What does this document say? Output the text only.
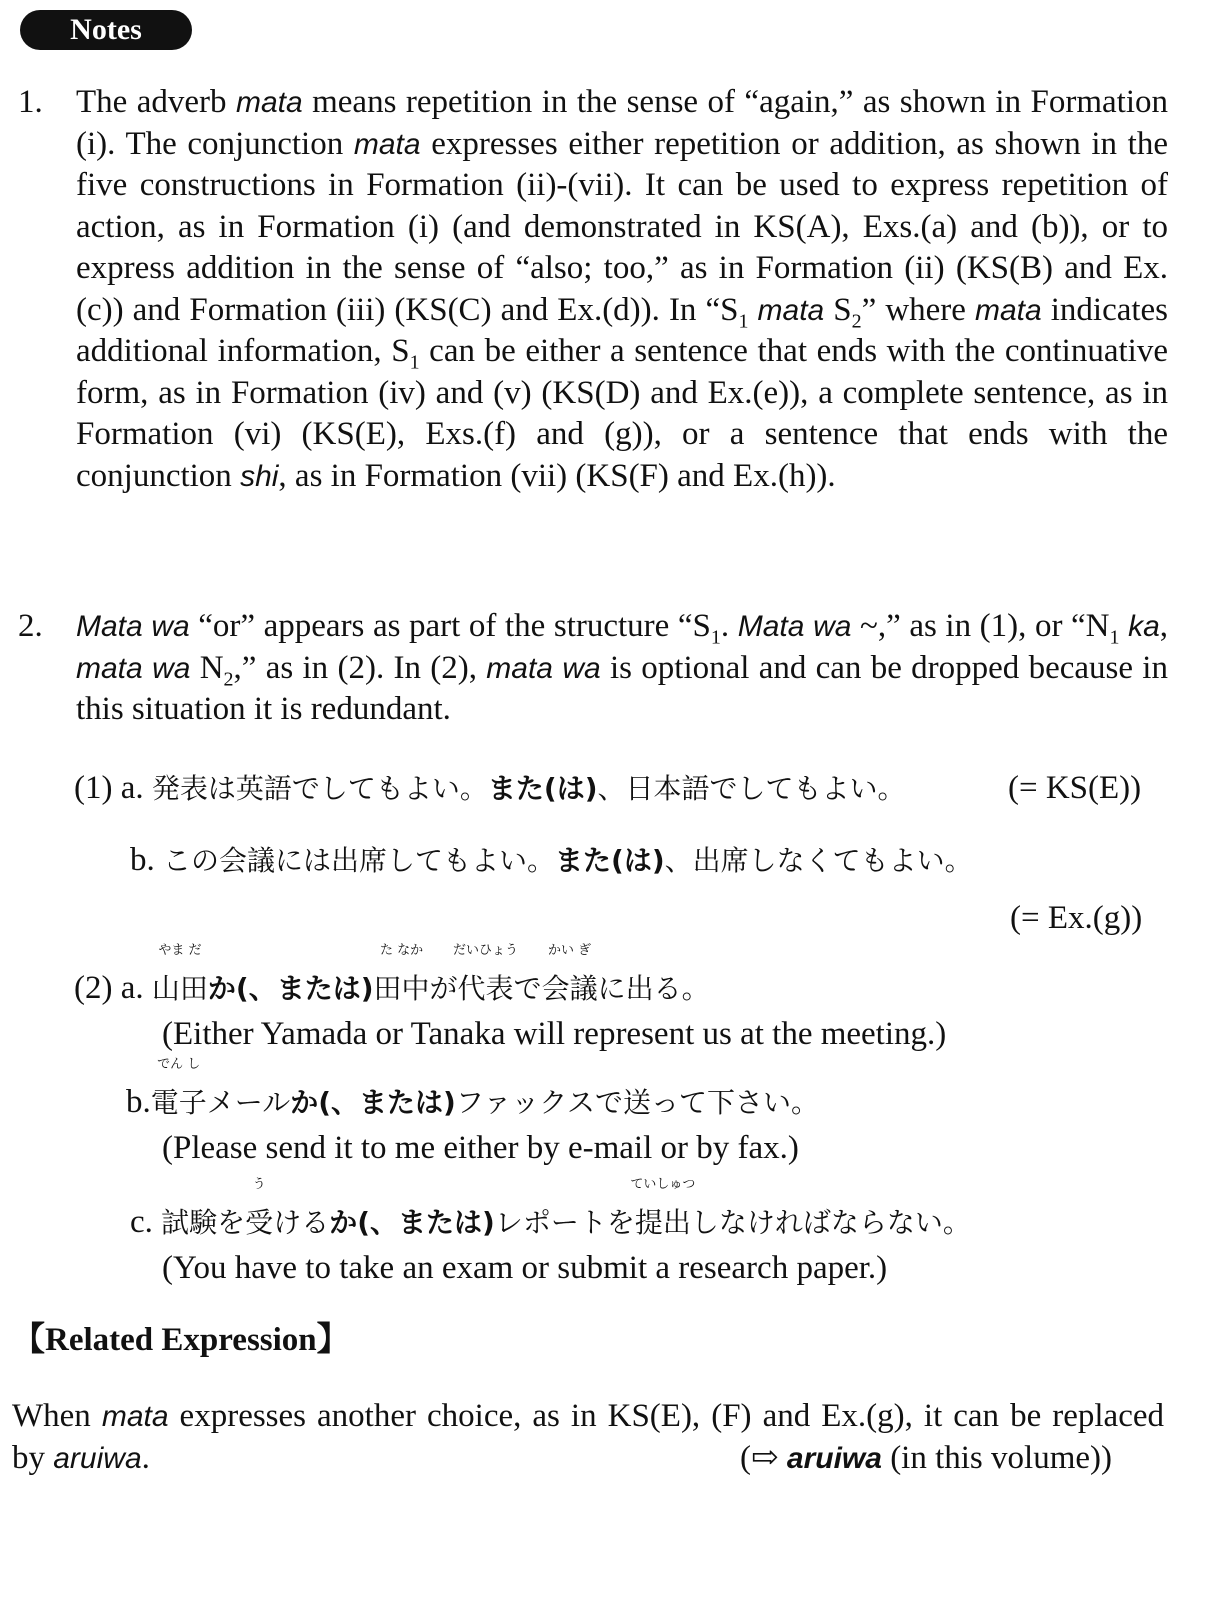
Notes
1.	The adverb mata means repetition in the sense of “again,” as shown in Formation (i). The conjunction mata expresses either repetition or addition, as shown in the five constructions in Formation (ii)-(vii). It can be used to express repetition of action, as in Formation (i) (and demonstrated in KS(A), Exs.(a) and (b)), or to express addition in the sense of “also; too,” as in Formation (ii) (KS(B) and Ex.(c)) and Formation (iii) (KS(C) and Ex.(d)). In “$S_1$ mata $S_2$” where mata indicates additional information, $S_1$ can be either a sentence that ends with the continuative form, as in Formation (iv) and (v) (KS(D) and Ex.(e)), a complete sentence, as in Formation (vi) (KS(E), Exs.(f) and (g)), or a sentence that ends with the conjunction shi, as in Formation (vii) (KS(F) and Ex.(h)).
2.	Mata wa “or” appears as part of the structure “$S_1$. Mata wa ~,” as in (1), or “$N_1$ ka, mata wa $N_2$,” as in (2). In (2), mata wa is optional and can be dropped because in this situation it is redundant.
(1) a. 発表は英語でしてもよい。また(は)、日本語でしてもよい。	(= KS(E))
b. この会議には出席してもよい。また(は)、出席しなくてもよい。
(= Ex.(g))
(2) a.
やま だ
山田か(、または)
た なか
田中が
だいひょう
代表で
かい ぎ
会議に出る。
(Either Yamada or Tanaka will represent us at the meeting.)
b.
でん し
電子メールか(、または)ファックスで送って下さい。
(Please send it to me either by e-mail or by fax.)
c. 試験を
う
受けるか(、または)レポートを
ていしゅつ
提出しなければならない。
(You have to take an exam or submit a research paper.)
【Related Expression】
When mata expresses another choice, as in KS(E), (F) and Ex.(g), it can be replaced by aruiwa.	(⇨ aruiwa (in this volume))
